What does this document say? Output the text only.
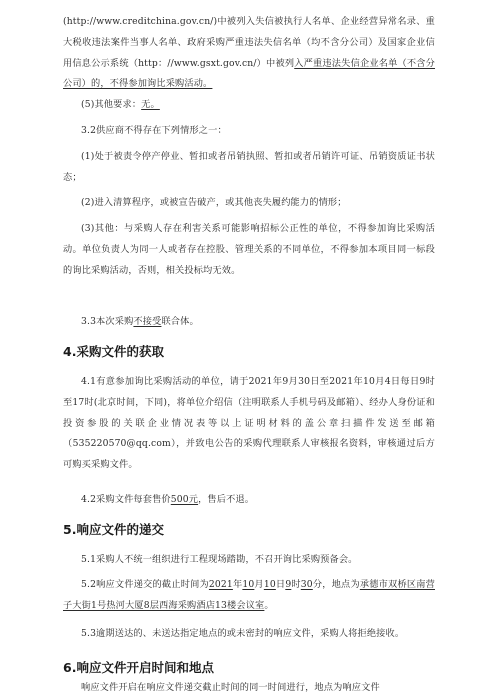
(http://www.creditchina.gov.cn/)中被列入失信被执行人名单、企业经营异常名录、重大税收违法案件当事人名单、政府采购严重违法失信名单（均不含分公司）及国家企业信用信息公示系统（http：//www.gsxt.gov.cn/）中被列入严重违法失信企业名单（不含分公司）的，不得参加询比采购活动。
(5)其他要求：无。
3.2供应商不得存在下列情形之一：
(1)处于被责令停产停业、暂扣或者吊销执照、暂扣或者吊销许可证、吊销资质证书状态；
(2)进入清算程序，或被宣告破产，或其他丧失履约能力的情形；
(3)其他：与采购人存在利害关系可能影响招标公正性的单位，不得参加询比采购活动。单位负责人为同一人或者存在控股、管理关系的不同单位，不得参加本项目同一标段的询比采购活动，否则，相关投标均无效。
3.3本次采购不接受联合体。
4.采购文件的获取
4.1有意参加询比采购活动的单位，请于2021年9月30日至2021年10月4日每日9时至17时(北京时间，下同)，将单位介绍信（注明联系人手机号码及邮箱）、经办人身份证和投资参股的关联企业情况表等以上证明材料的盖公章扫描件发送至邮箱（535220570@qq.com），并致电公告的采购代理联系人审核报名资料，审核通过后方可购买采购文件。
4.2采购文件每套售价500元，售后不退。
5.响应文件的递交
5.1采购人不统一组织进行工程现场踏勘，不召开询比采购预备会。
5.2响应文件递交的截止时间为2021年10月10日9时30分，地点为承德市双桥区南营子大街1号热河大厦8层西海采购酒店13楼会议室。
5.3逾期送达的、未送达指定地点的或未密封的响应文件，采购人将拒绝接收。
6.响应文件开启时间和地点
响应文件开启在响应文件递交截止时间的同一时间进行，地点为响应文件
